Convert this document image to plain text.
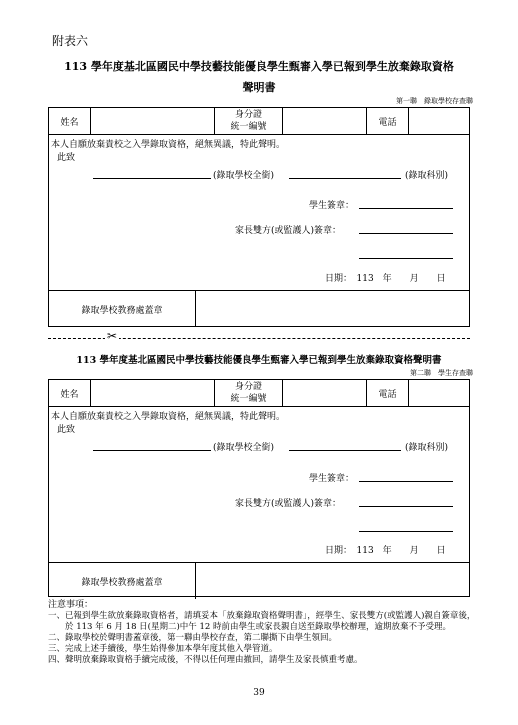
附表六
113 學年度基北區國民中學技藝技能優良學生甄審入學已報到學生放棄錄取資格
聲明書
第一聯　錄取學校存查聯
姓名
身分證
統一編號	電話
本人自願放棄貴校之入學錄取資格，絕無異議，特此聲明。
此致
(錄取學校全銜)	(錄取科別)
學生簽章：
家長雙方(或監護人)簽章：
日期：　113　年　　月　　日
錄取學校教務處蓋章
✂
113 學年度基北區國民中學技藝技能優良學生甄審入學已報到學生放棄錄取資格聲明書
第二聯　學生存查聯
姓名
身分證
統一編號	電話
本人自願放棄貴校之入學錄取資格，絕無異議，特此聲明。
此致
(錄取學校全銜)	(錄取科別)
學生簽章：
家長雙方(或監護人)簽章：
日期：　113　年　　月　　日
錄取學校教務處蓋章
注意事項：
一、 已報到學生欲放棄錄取資格者，請填妥本「放棄錄取資格聲明書」，經學生、家長雙方(或監護人)親自簽章後，於 113 年 6 月 18 日(星期二)中午 12 時前由學生或家長親自送至錄取學校辦理，逾期放棄不予受理。
二、 錄取學校於聲明書蓋章後，第一聯由學校存查，第二聯撕下由學生領回。
三、 完成上述手續後，學生始得參加本學年度其他入學管道。
四、 聲明放棄錄取資格手續完成後，不得以任何理由撤回，請學生及家長慎重考慮。
39
